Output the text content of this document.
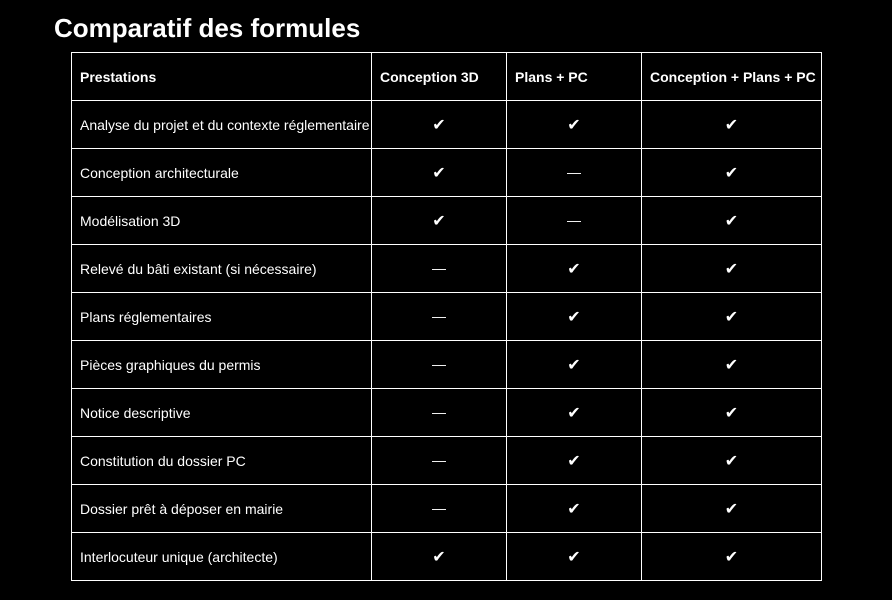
Comparatif des formules
Prestations	Conception 3D	Plans + PC	Conception + Plans + PC
Analyse du projet et du contexte réglementaire	✔	✔	✔
Conception architecturale	✔	—	✔
Modélisation 3D	✔	—	✔
Relevé du bâti existant (si nécessaire)	—	✔	✔
Plans réglementaires	—	✔	✔
Pièces graphiques du permis	—	✔	✔
Notice descriptive	—	✔	✔
Constitution du dossier PC	—	✔	✔
Dossier prêt à déposer en mairie	—	✔	✔
Interlocuteur unique (architecte)	✔	✔	✔
